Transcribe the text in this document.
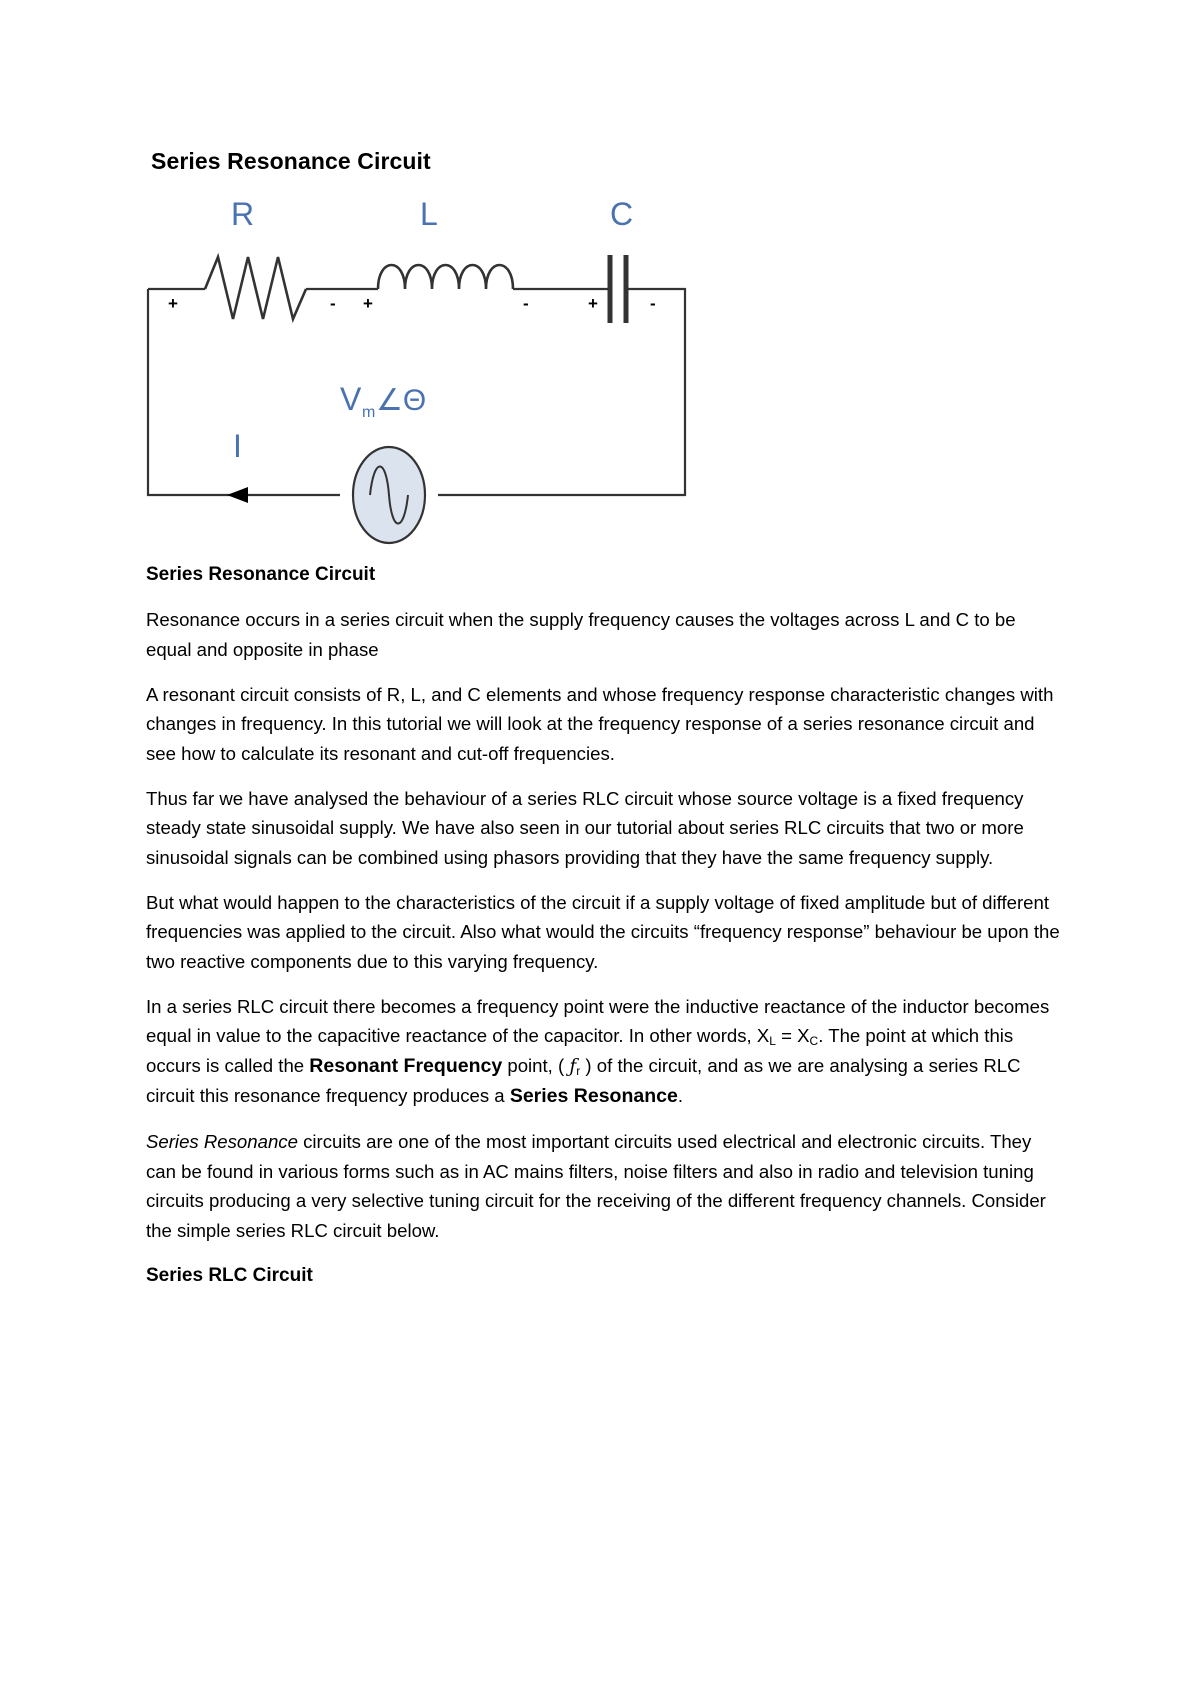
Series Resonance Circuit
R	L	C
I
V m ∠Θ
+	- +	-	+	-

Series Resonance Circuit

Resonance occurs in a series circuit when the supply frequency causes the voltages across L and C to be equal and opposite in phase

A resonant circuit consists of R, L, and C elements and whose frequency response characteristic changes with changes in frequency. In this tutorial we will look at the frequency response of a series resonance circuit and see how to calculate its resonant and cut-off frequencies.

Thus far we have analysed the behaviour of a series RLC circuit whose source voltage is a fixed frequency steady state sinusoidal supply. We have also seen in our tutorial about series RLC circuits that two or more sinusoidal signals can be combined using phasors providing that they have the same frequency supply.

But what would happen to the characteristics of the circuit if a supply voltage of fixed amplitude but of different frequencies was applied to the circuit. Also what would the circuits “frequency response” behaviour be upon the two reactive components due to this varying frequency.

In a series RLC circuit there becomes a frequency point were the inductive reactance of the inductor becomes equal in value to the capacitive reactance of the capacitor. In other words, $X_L = X_C$. The point at which this occurs is called the Resonant Frequency point, ( $ƒ_r$ ) of the circuit, and as we are analysing a series RLC circuit this resonance frequency produces a Series Resonance.

Series Resonance circuits are one of the most important circuits used electrical and electronic circuits. They can be found in various forms such as in AC mains filters, noise filters and also in radio and television tuning circuits producing a very selective tuning circuit for the receiving of the different frequency channels. Consider the simple series RLC circuit below.

Series RLC Circuit
